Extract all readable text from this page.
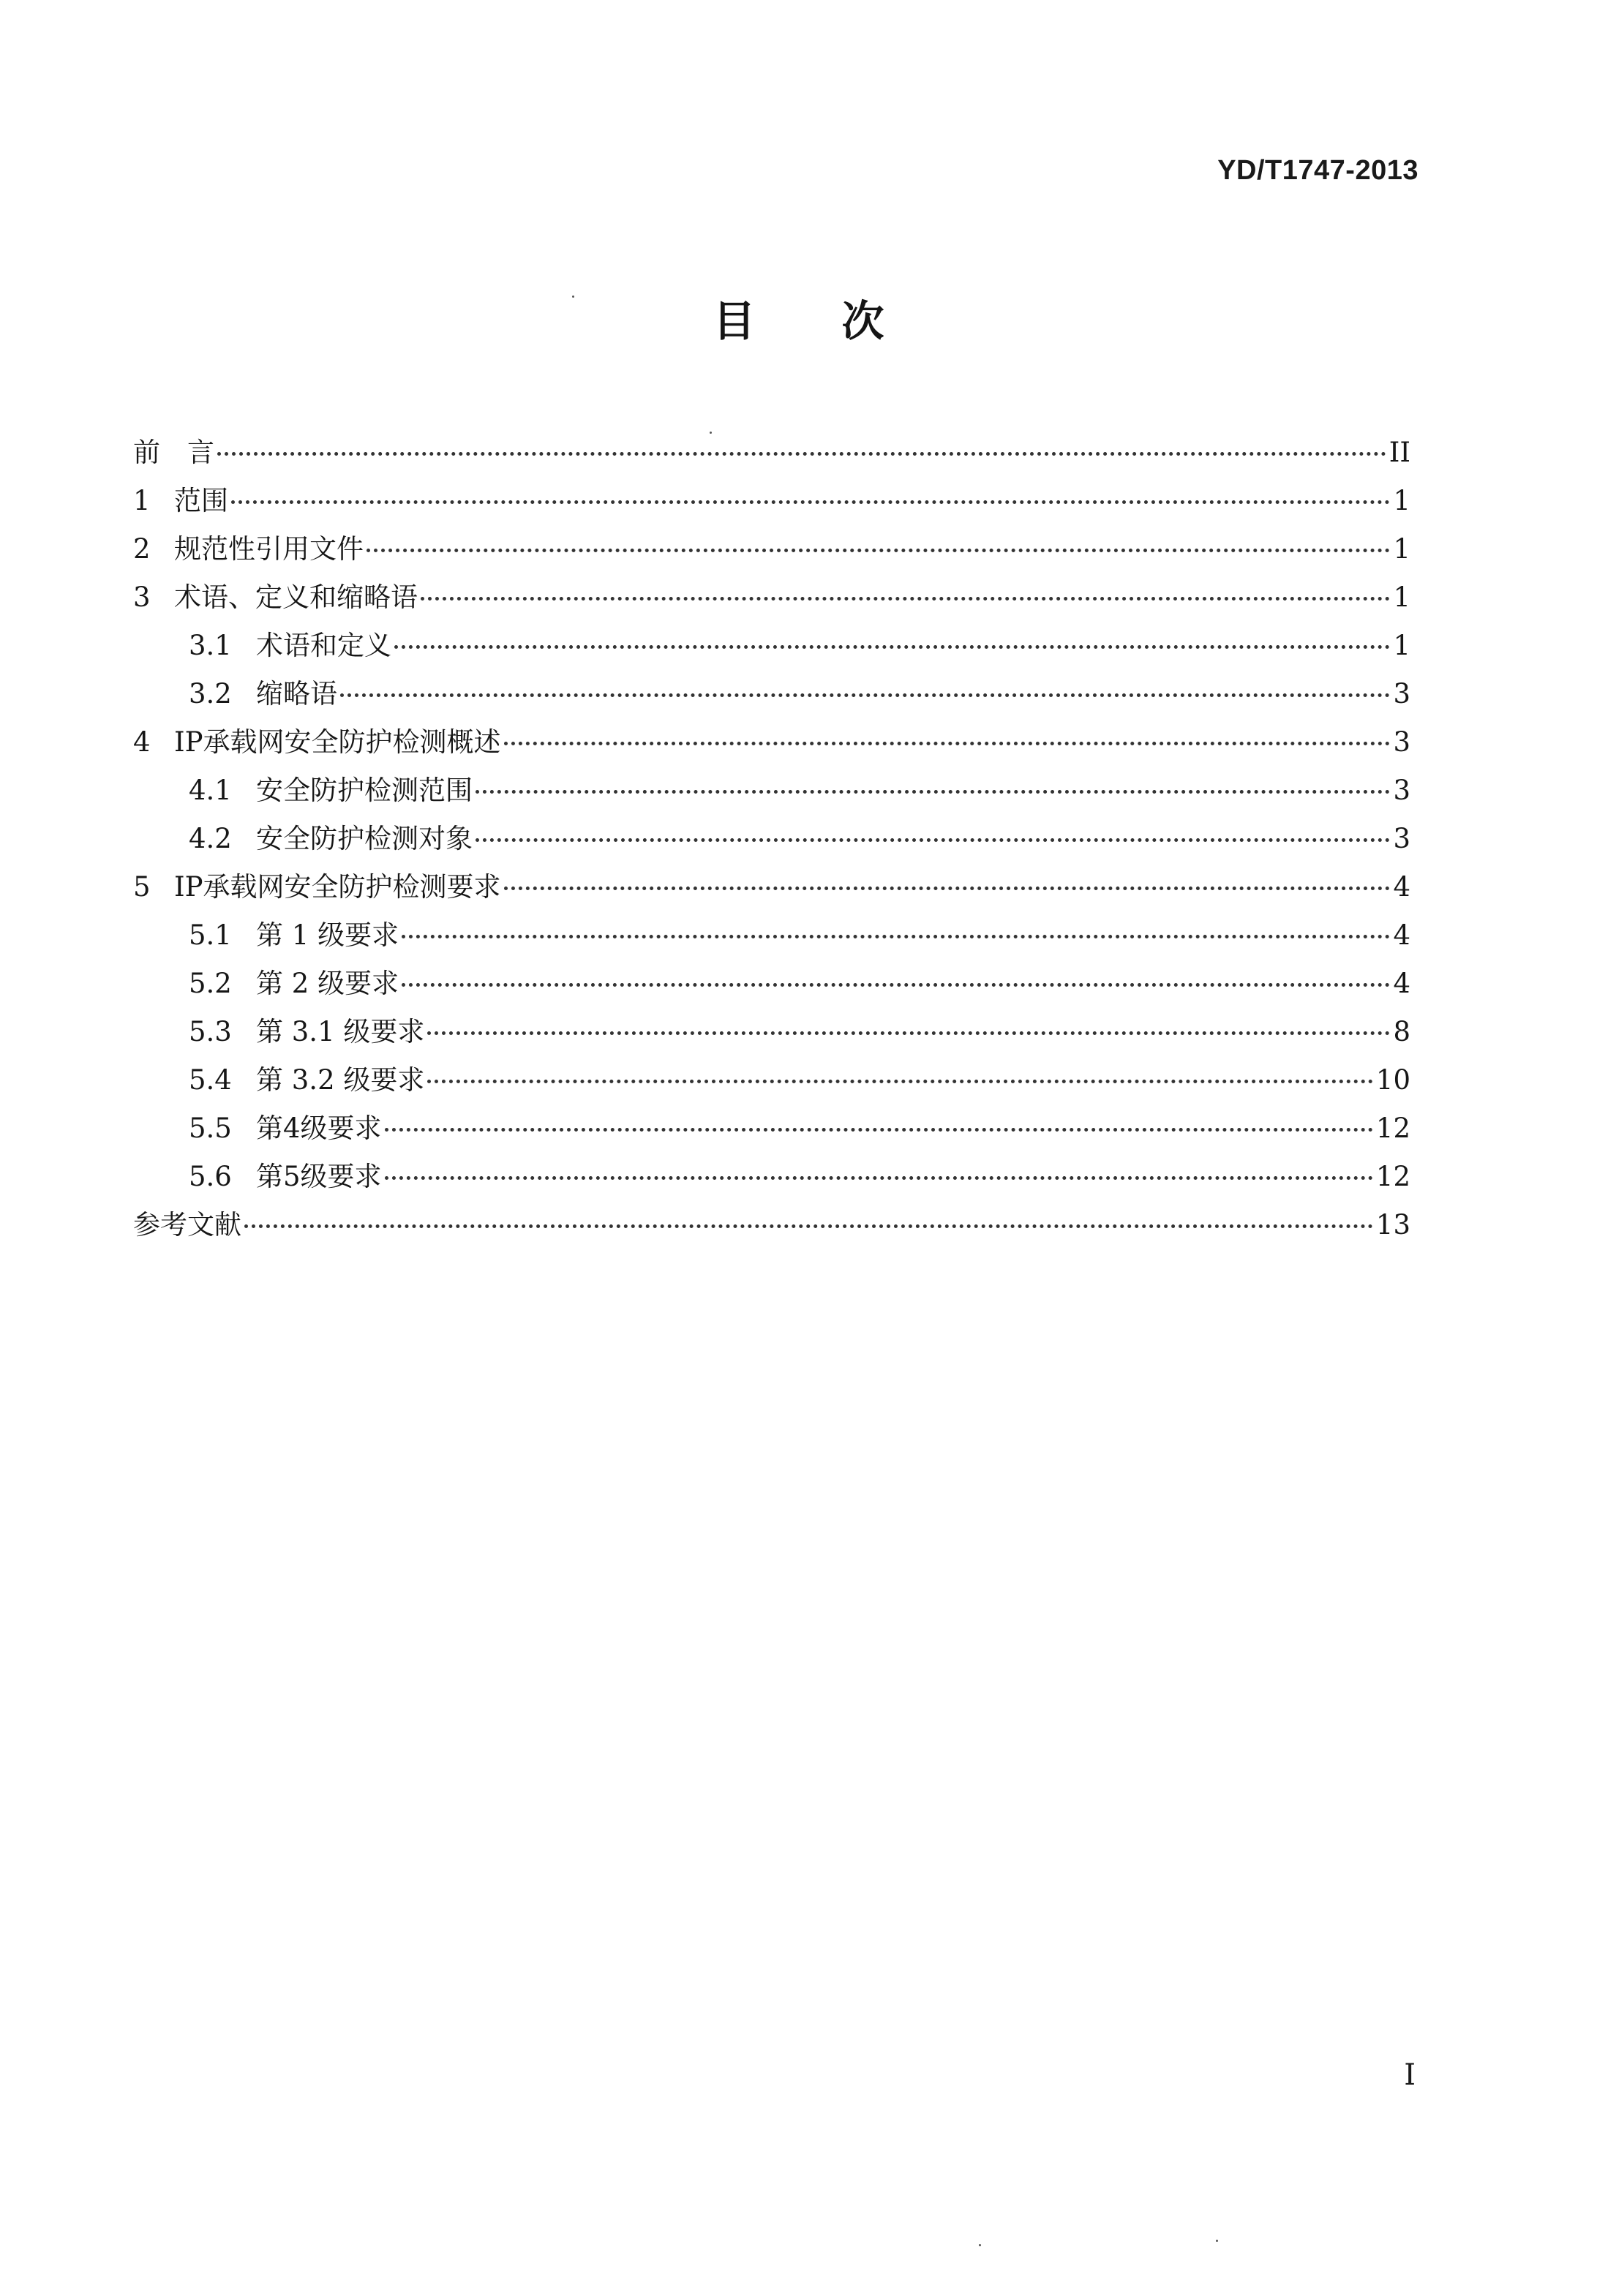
YD/T1747-2013
目次
前　言	II
1 范围	1
2 规范性引用文件	1
3 术语、定义和缩略语	1
3.1 术语和定义	1
3.2 缩略语	3
4 IP承载网安全防护检测概述	3
4.1 安全防护检测范围	3
4.2 安全防护检测对象	3
5 IP承载网安全防护检测要求	4
5.1 第 1 级要求	4
5.2 第 2 级要求	4
5.3 第 3.1 级要求	8
5.4 第 3.2 级要求	10
5.5 第4级要求	12
5.6 第5级要求	12
参考文献	13
I
